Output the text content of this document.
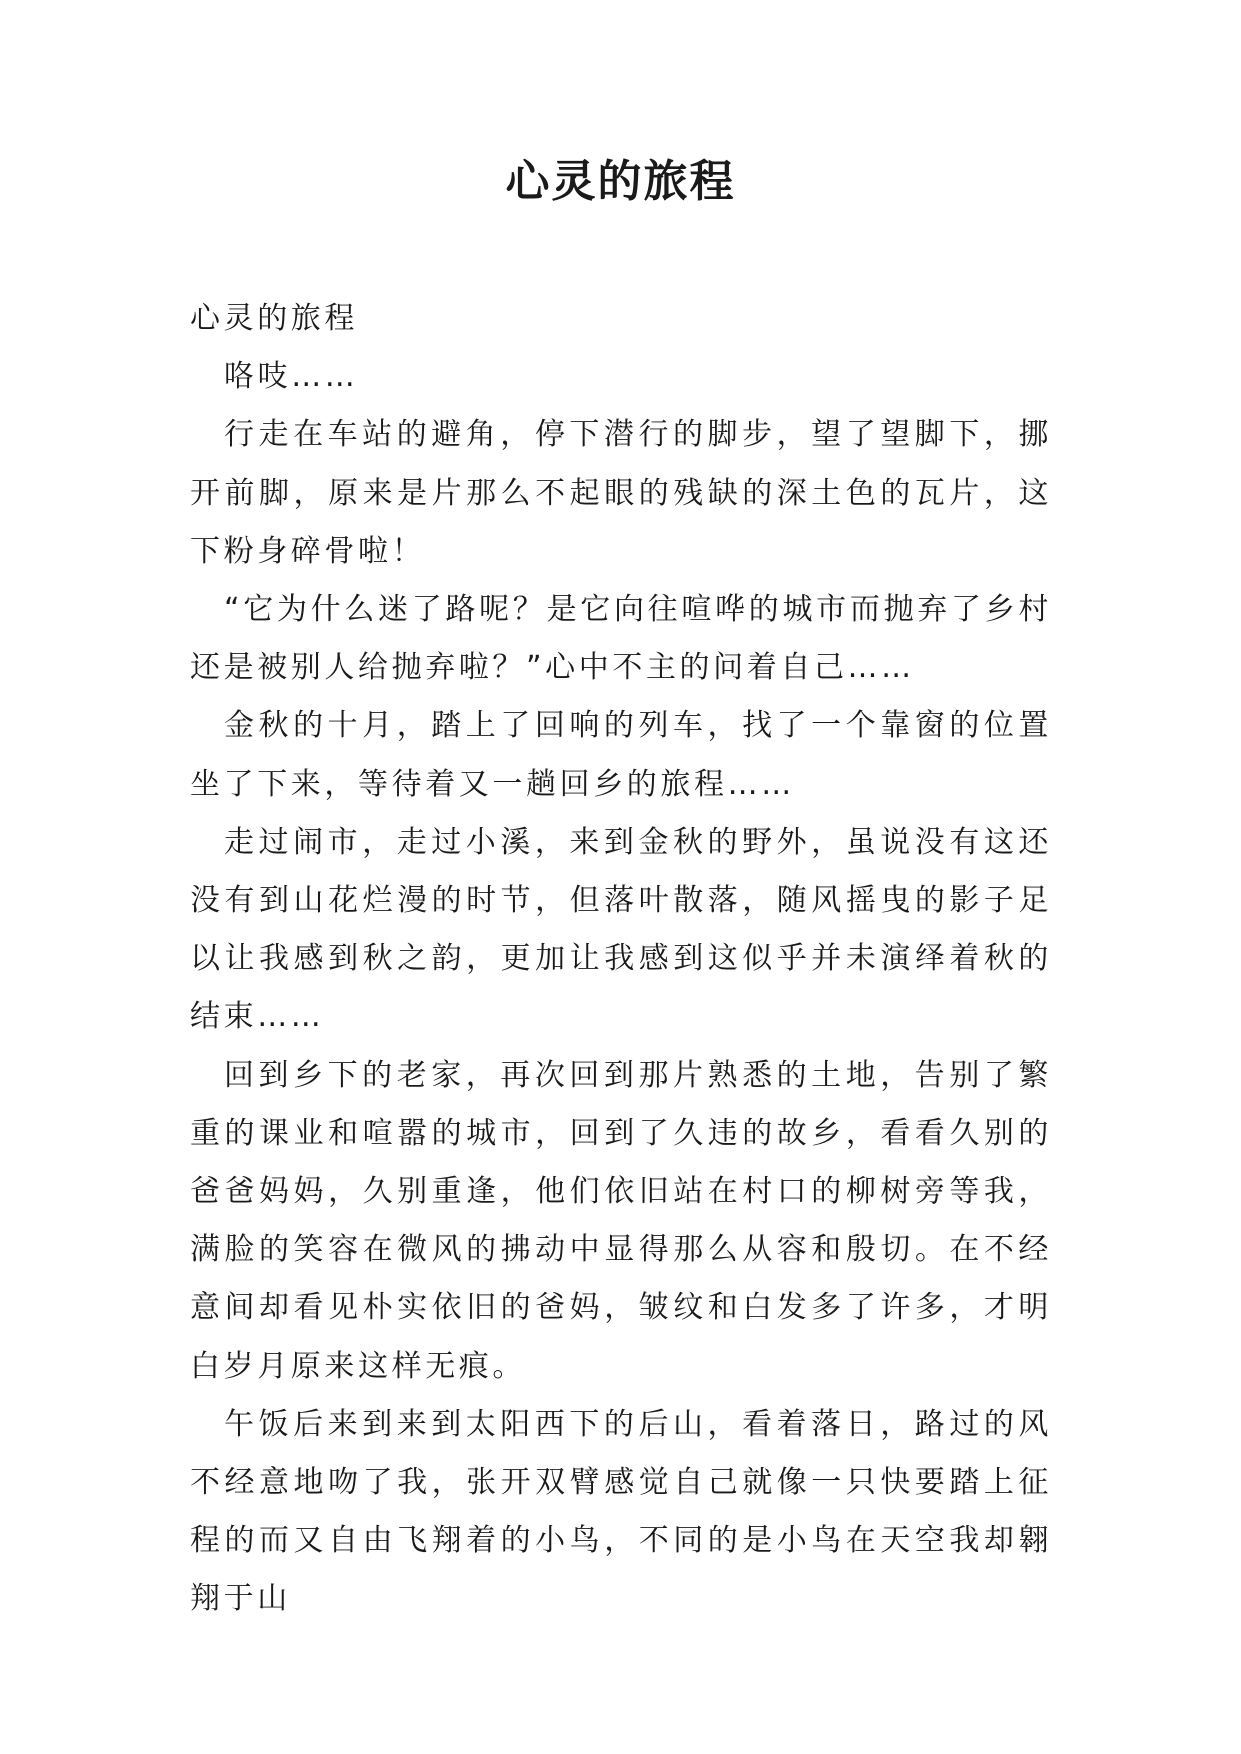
心灵的旅程

心灵的旅程

咯吱……

行走在车站的避角，停下潜行的脚步，望了望脚下，挪开前脚，原来是片那么不起眼的残缺的深土色的瓦片，这下粉身碎骨啦！

“它为什么迷了路呢？是它向往喧哗的城市而抛弃了乡村还是被别人给抛弃啦？”心中不主的问着自己……

金秋的十月，踏上了回响的列车，找了一个靠窗的位置坐了下来，等待着又一趟回乡的旅程……

走过闹市，走过小溪，来到金秋的野外，虽说没有这还没有到山花烂漫的时节，但落叶散落，随风摇曳的影子足以让我感到秋之韵，更加让我感到这似乎并未演绎着秋的结束……

回到乡下的老家，再次回到那片熟悉的土地，告别了繁重的课业和喧嚣的城市，回到了久违的故乡，看看久别的爸爸妈妈，久别重逢，他们依旧站在村口的柳树旁等我，满脸的笑容在微风的拂动中显得那么从容和殷切。在不经意间却看见朴实依旧的爸妈，皱纹和白发多了许多，才明白岁月原来这样无痕。

午饭后来到来到太阳西下的后山，看着落日，路过的风不经意地吻了我，张开双臂感觉自己就像一只快要踏上征程的而又自由飞翔着的小鸟，不同的是小鸟在天空我却翱翔于山
